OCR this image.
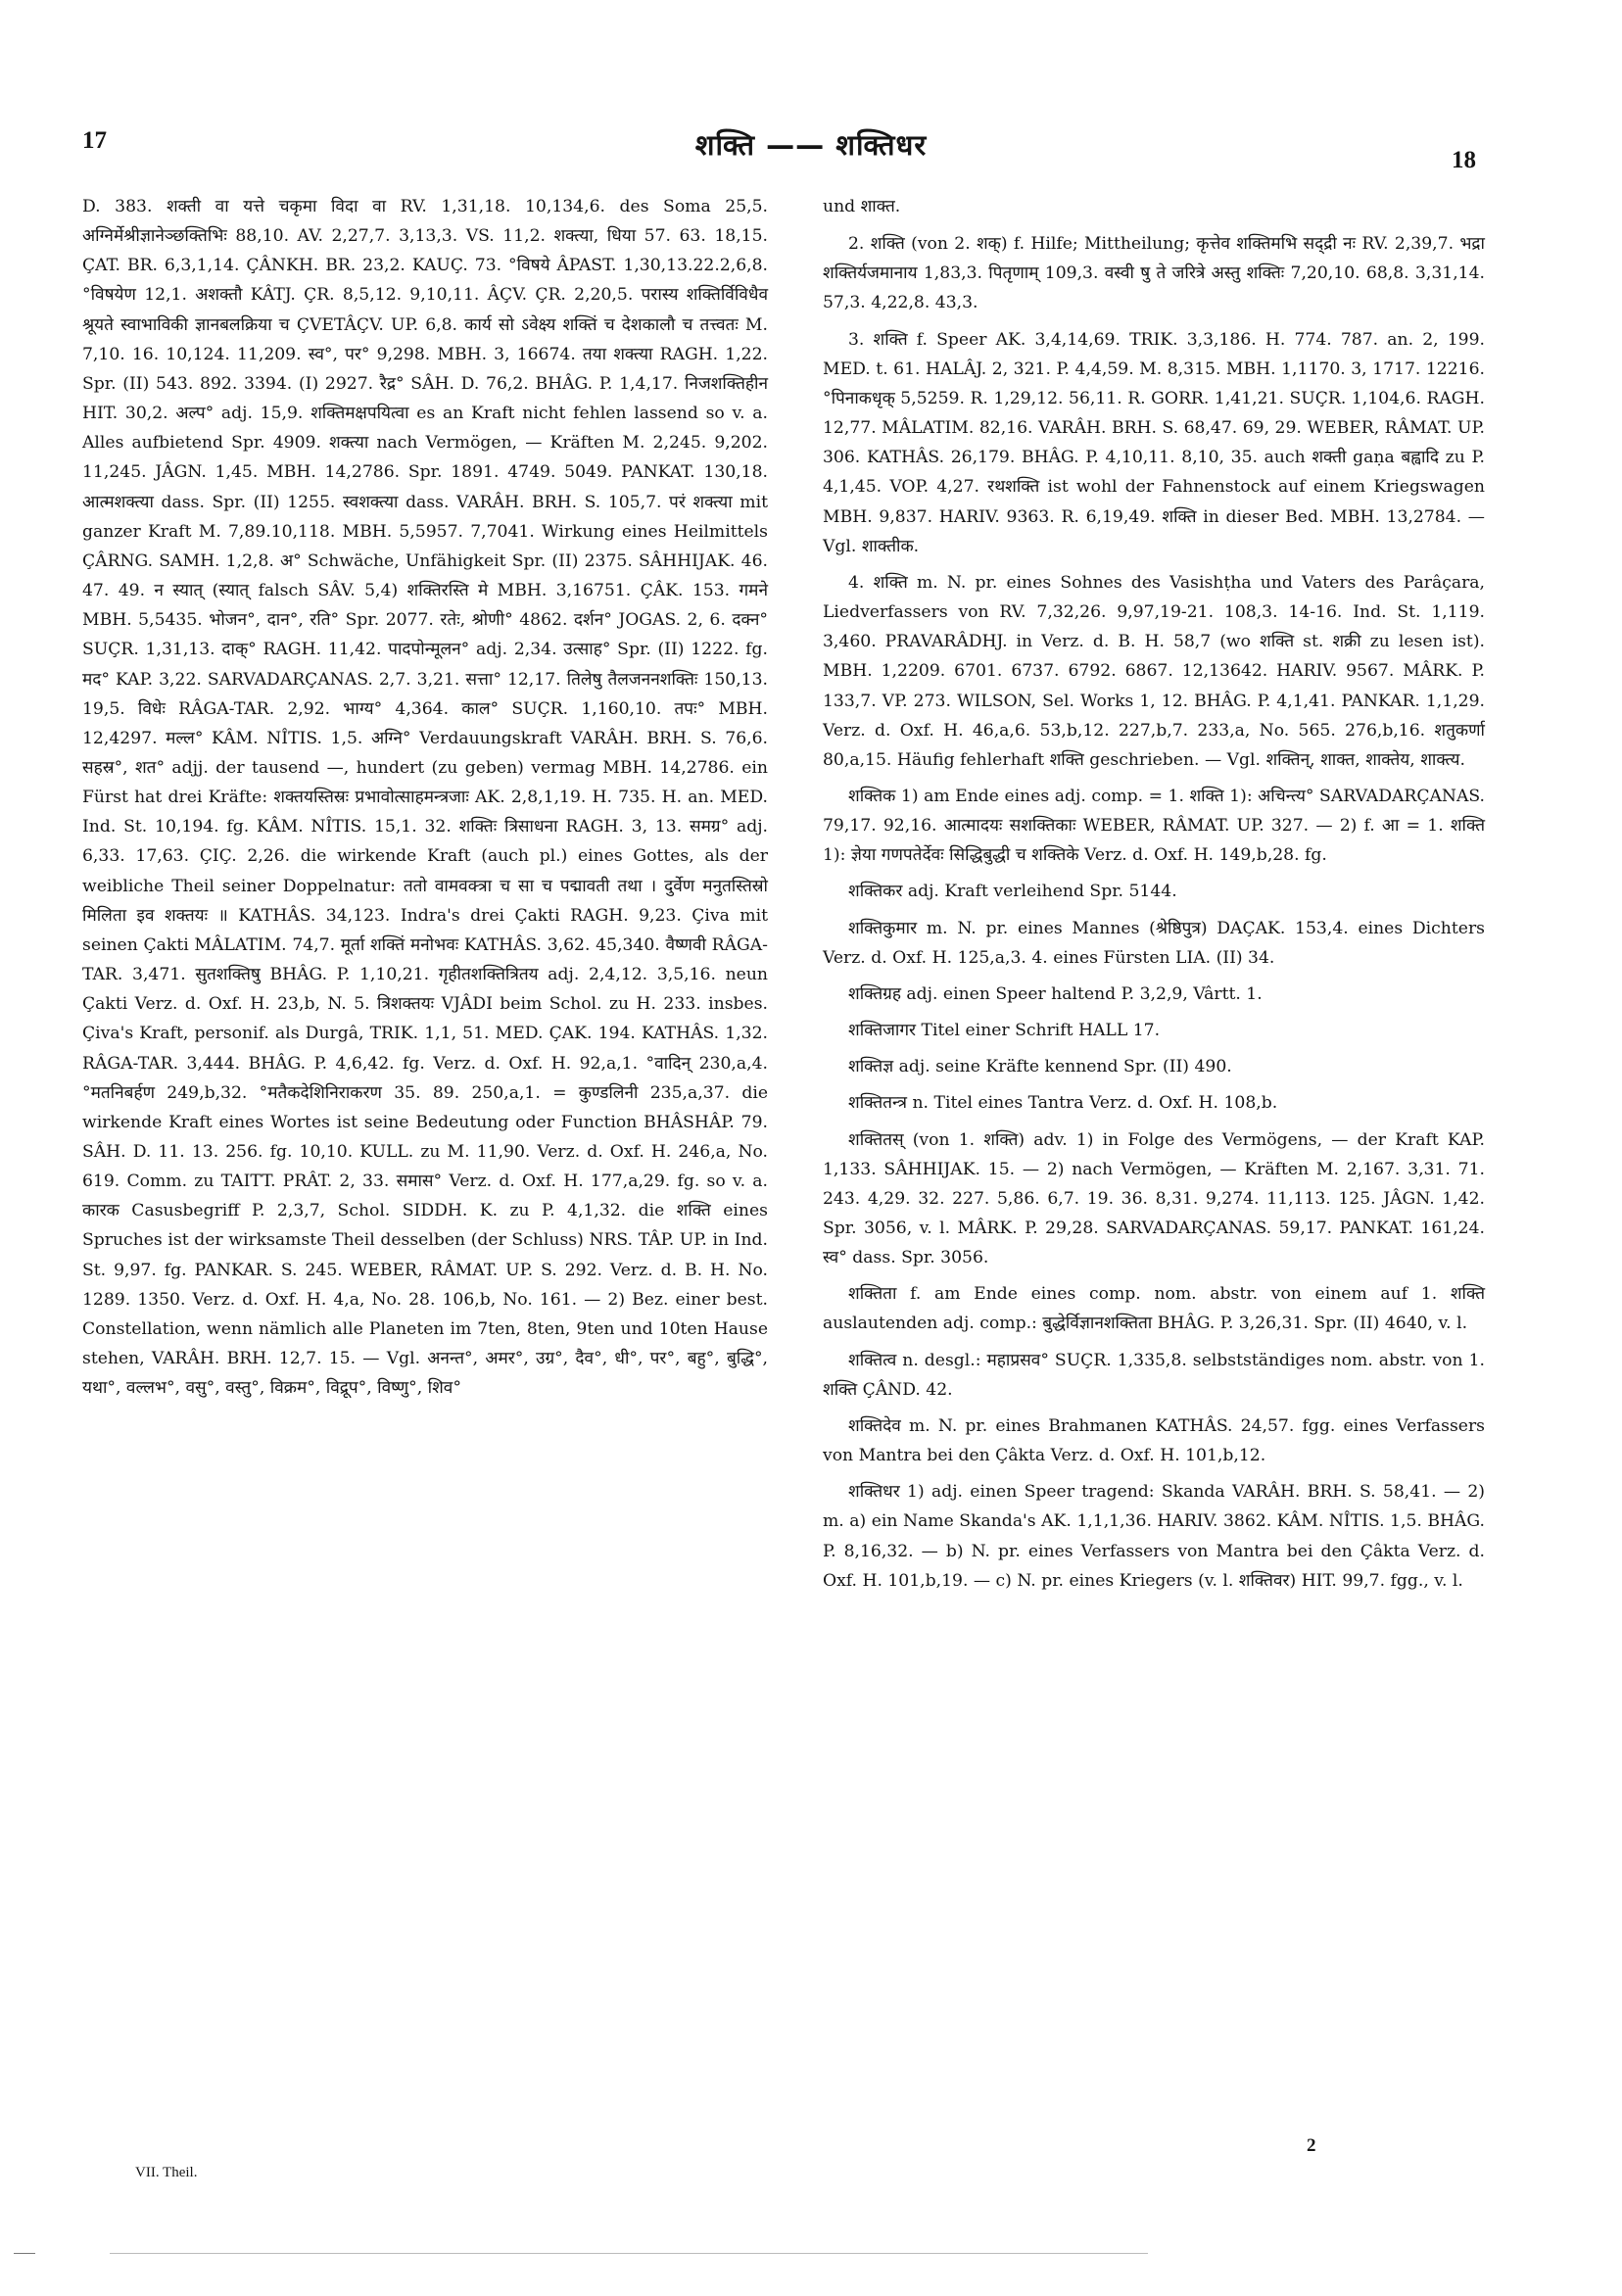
17	शक्ति —— शक्तिधर	18

D. 383. शक्ती वा यत्ते चकृमा विदा वा RV. 1,31,18. 10,134,6. des Soma 25,5. अग्निर्मेश्रीज्ञानेञ्छक्तिभिः 88,10. AV. 2,27,7. 3,13,3. VS. 11,2. शक्त्या, धिया 57. 63. 18,15. ÇAT. BR. 6,3,1,14. ÇÂNKH. BR. 23,2. KAUÇ. 73. °विषये ÂPAST. 1,30,13.22.2,6,8. °विषयेण 12,1. अशक्तौ KÂTJ. ÇR. 8,5,12. 9,10,11. ÂÇV. ÇR. 2,20,5. परास्य शक्तिर्विविधैव श्रूयते स्वाभाविकी ज्ञानबलक्रिया च ÇVETÂÇV. UP. 6,8. कार्य सो ऽवेक्ष्य शक्तिं च देशकालौ च तत्त्वतः M. 7,10. 16. 10,124. 11,209. स्व°, पर° 9,298. MBH. 3, 16674. तया शक्त्या RAGH. 1,22. Spr. (II) 543. 892. 3394. (I) 2927. रैद्र° SÂH. D. 76,2. BHÂG. P. 1,4,17. निजशक्तिहीन HIT. 30,2. अल्प° adj. 15,9. शक्तिमक्षपयित्वा es an Kraft nicht fehlen lassend so v. a. Alles aufbietend Spr. 4909. शक्त्या nach Vermögen, — Kräften M. 2,245. 9,202. 11,245. JÂGN. 1,45. MBH. 14,2786. Spr. 1891. 4749. 5049. PANKAT. 130,18. आत्मशक्त्या dass. Spr. (II) 1255. स्वशक्त्या dass. VARÂH. BRH. S. 105,7. परं शक्त्या mit ganzer Kraft M. 7,89.10,118. MBH. 5,5957. 7,7041. Wirkung eines Heilmittels ÇÂRNG. SAMH. 1,2,8. अ° Schwäche, Unfähigkeit Spr. (II) 2375. SÂHHIJAK. 46. 47. 49. न स्यात् (स्यात् falsch SÂV. 5,4) शक्तिरस्ति मे MBH. 3,16751. ÇÂK. 153. गमने MBH. 5,5435. भोजन°, दान°, रति° Spr. 2077. रतेः, श्रोणी° 4862. दर्शन° JOGAS. 2, 6. दक्न° SUÇR. 1,31,13. दाक्° RAGH. 11,42. पादपोन्मूलन° adj. 2,34. उत्साह° Spr. (II) 1222. fg. मद° KAP. 3,22. SARVADARÇANAS. 2,7. 3,21. सत्ता° 12,17. तिलेषु तैलजननशक्तिः 150,13. 19,5. विधेः RÂGA-TAR. 2,92. भाग्य° 4,364. काल° SUÇR. 1,160,10. तपः° MBH. 12,4297. मल्ल° KÂM. NÎTIS. 1,5. अग्नि° Verdauungskraft VARÂH. BRH. S. 76,6. सहस्र°, शत° adjj. der tausend —, hundert (zu geben) vermag MBH. 14,2786. ein Fürst hat drei Kräfte: शक्तयस्तिस्रः प्रभावोत्साहमन्त्रजाः AK. 2,8,1,19. H. 735. H. an. MED. Ind. St. 10,194. fg. KÂM. NÎTIS. 15,1. 32. शक्तिः त्रिसाधना RAGH. 3, 13. समग्र° adj. 6,33. 17,63. ÇIÇ. 2,26. die wirkende Kraft (auch pl.) eines Gottes, als der weibliche Theil seiner Doppelnatur: ततो वामवक्त्रा च सा च पद्मावती तथा । दुर्वेण मनुतस्तिस्रो मिलिता इव शक्तयः ॥ KATHÂS. 34,123. Indra's drei Çakti RAGH. 9,23. Çiva mit seinen Çakti MÂLATIM. 74,7. मूर्ता शक्तिं मनोभवः KATHÂS. 3,62. 45,340. वैष्णवी RÂGA-TAR. 3,471. सुतशक्तिषु BHÂG. P. 1,10,21. गृहीतशक्तित्रितय adj. 2,4,12. 3,5,16. neun Çakti Verz. d. Oxf. H. 23,b, N. 5. त्रिशक्तयः VJÂDI beim Schol. zu H. 233. insbes. Çiva's Kraft, personif. als Durgâ, TRIK. 1,1, 51. MED. ÇAK. 194. KATHÂS. 1,32. RÂGA-TAR. 3,444. BHÂG. P. 4,6,42. fg. Verz. d. Oxf. H. 92,a,1. °वादिन् 230,a,4. °मतनिबर्हण 249,b,32. °मतैकदेशिनिराकरण 35. 89. 250,a,1. = कुण्डलिनी 235,a,37. die wirkende Kraft eines Wortes ist seine Bedeutung oder Function BHÂSHÂP. 79. SÂH. D. 11. 13. 256. fg. 10,10. KULL. zu M. 11,90. Verz. d. Oxf. H. 246,a, No. 619. Comm. zu TAITT. PRÂT. 2, 33. समास° Verz. d. Oxf. H. 177,a,29. fg. so v. a. कारक Casusbegriff P. 2,3,7, Schol. SIDDH. K. zu P. 4,1,32. die शक्ति eines Spruches ist der wirksamste Theil desselben (der Schluss) NRS. TÂP. UP. in Ind. St. 9,97. fg. PANKAR. S. 245. WEBER, RÂMAT. UP. S. 292. Verz. d. B. H. No. 1289. 1350. Verz. d. Oxf. H. 4,a, No. 28. 106,b, No. 161. — 2) Bez. einer best. Constellation, wenn nämlich alle Planeten im 7ten, 8ten, 9ten und 10ten Hause stehen, VARÂH. BRH. 12,7. 15. — Vgl. अनन्त°, अमर°, उग्र°, दैव°, धी°, पर°, बहु°, बुद्धि°, यथा°, वल्लभ°, वसु°, वस्तु°, विक्रम°, विद्रूप°, विष्णु°, शिव°

und शाक्त.

2. शक्ति (von 2. शक्) f. Hilfe; Mittheilung; कृत्तेव शक्तिमभि सद्द्री नः RV. 2,39,7. भद्रा शक्तिर्यजमानाय 1,83,3. पितृणाम् 109,3. वस्वी षु ते जरित्रे अस्तु शक्तिः 7,20,10. 68,8. 3,31,14. 57,3. 4,22,8. 43,3.

3. शक्ति f. Speer AK. 3,4,14,69. TRIK. 3,3,186. H. 774. 787. an. 2, 199. MED. t. 61. HALÂJ. 2, 321. P. 4,4,59. M. 8,315. MBH. 1,1170. 3, 1717. 12216. °पिनाकधृक् 5,5259. R. 1,29,12. 56,11. R. GORR. 1,41,21. SUÇR. 1,104,6. RAGH. 12,77. MÂLATIM. 82,16. VARÂH. BRH. S. 68,47. 69, 29. WEBER, RÂMAT. UP. 306. KATHÂS. 26,179. BHÂG. P. 4,10,11. 8,10, 35. auch शक्ती gaṇa बह्वादि zu P. 4,1,45. VOP. 4,27. रथशक्ति ist wohl der Fahnenstock auf einem Kriegswagen MBH. 9,837. HARIV. 9363. R. 6,19,49. शक्ति in dieser Bed. MBH. 13,2784. — Vgl. शाक्तीक.

4. शक्ति m. N. pr. eines Sohnes des Vasishṭha und Vaters des Parâçara, Liedverfassers von RV. 7,32,26. 9,97,19-21. 108,3. 14-16. Ind. St. 1,119. 3,460. PRAVARÂDHJ. in Verz. d. B. H. 58,7 (wo शक्ति st. शक्री zu lesen ist). MBH. 1,2209. 6701. 6737. 6792. 6867. 12,13642. HARIV. 9567. MÂRK. P. 133,7. VP. 273. WILSON, Sel. Works 1, 12. BHÂG. P. 4,1,41. PANKAR. 1,1,29. Verz. d. Oxf. H. 46,a,6. 53,b,12. 227,b,7. 233,a, No. 565. 276,b,16. शतुकर्णा 80,a,15. Häufig fehlerhaft शक्ति geschrieben. — Vgl. शक्तिन्, शाक्त, शाक्तेय, शाक्त्य.

शक्तिक 1) am Ende eines adj. comp. = 1. शक्ति 1): अचिन्त्य° SARVADARÇANAS. 79,17. 92,16. आत्मादयः सशक्तिकाः WEBER, RÂMAT. UP. 327. — 2) f. आ = 1. शक्ति 1): ज्ञेया गणपतेर्देवः सिद्धिबुद्धी च शक्तिके Verz. d. Oxf. H. 149,b,28. fg.

शक्तिकर adj. Kraft verleihend Spr. 5144.

शक्तिकुमार m. N. pr. eines Mannes (श्रेष्ठिपुत्र) DAÇAK. 153,4. eines Dichters Verz. d. Oxf. H. 125,a,3. 4. eines Fürsten LIA. (II) 34.

शक्तिग्रह adj. einen Speer haltend P. 3,2,9, Vârtt. 1.

शक्तिजागर Titel einer Schrift HALL 17.

शक्तिज्ञ adj. seine Kräfte kennend Spr. (II) 490.

शक्तितन्त्र n. Titel eines Tantra Verz. d. Oxf. H. 108,b.

शक्तितस् (von 1. शक्ति) adv. 1) in Folge des Vermögens, — der Kraft KAP. 1,133. SÂHHIJAK. 15. — 2) nach Vermögen, — Kräften M. 2,167. 3,31. 71. 243. 4,29. 32. 227. 5,86. 6,7. 19. 36. 8,31. 9,274. 11,113. 125. JÂGN. 1,42. Spr. 3056, v. l. MÂRK. P. 29,28. SARVADARÇANAS. 59,17. PANKAT. 161,24. स्व° dass. Spr. 3056.

शक्तिता f. am Ende eines comp. nom. abstr. von einem auf 1. शक्ति auslautenden adj. comp.: बुद्धेर्विज्ञानशक्तिता BHÂG. P. 3,26,31. Spr. (II) 4640, v. l.

शक्तित्व n. desgl.: महाप्रसव° SUÇR. 1,335,8. selbstständiges nom. abstr. von 1. शक्ति ÇÂND. 42.

शक्तिदेव m. N. pr. eines Brahmanen KATHÂS. 24,57. fgg. eines Verfassers von Mantra bei den Çâkta Verz. d. Oxf. H. 101,b,12.

शक्तिधर 1) adj. einen Speer tragend: Skanda VARÂH. BRH. S. 58,41. — 2) m. a) ein Name Skanda's AK. 1,1,1,36. HARIV. 3862. KÂM. NÎTIS. 1,5. BHÂG. P. 8,16,32. — b) N. pr. eines Verfassers von Mantra bei den Çâkta Verz. d. Oxf. H. 101,b,19. — c) N. pr. eines Kriegers (v. l. शक्तिवर) HIT. 99,7. fgg., v. l.

VII. Theil.
2
